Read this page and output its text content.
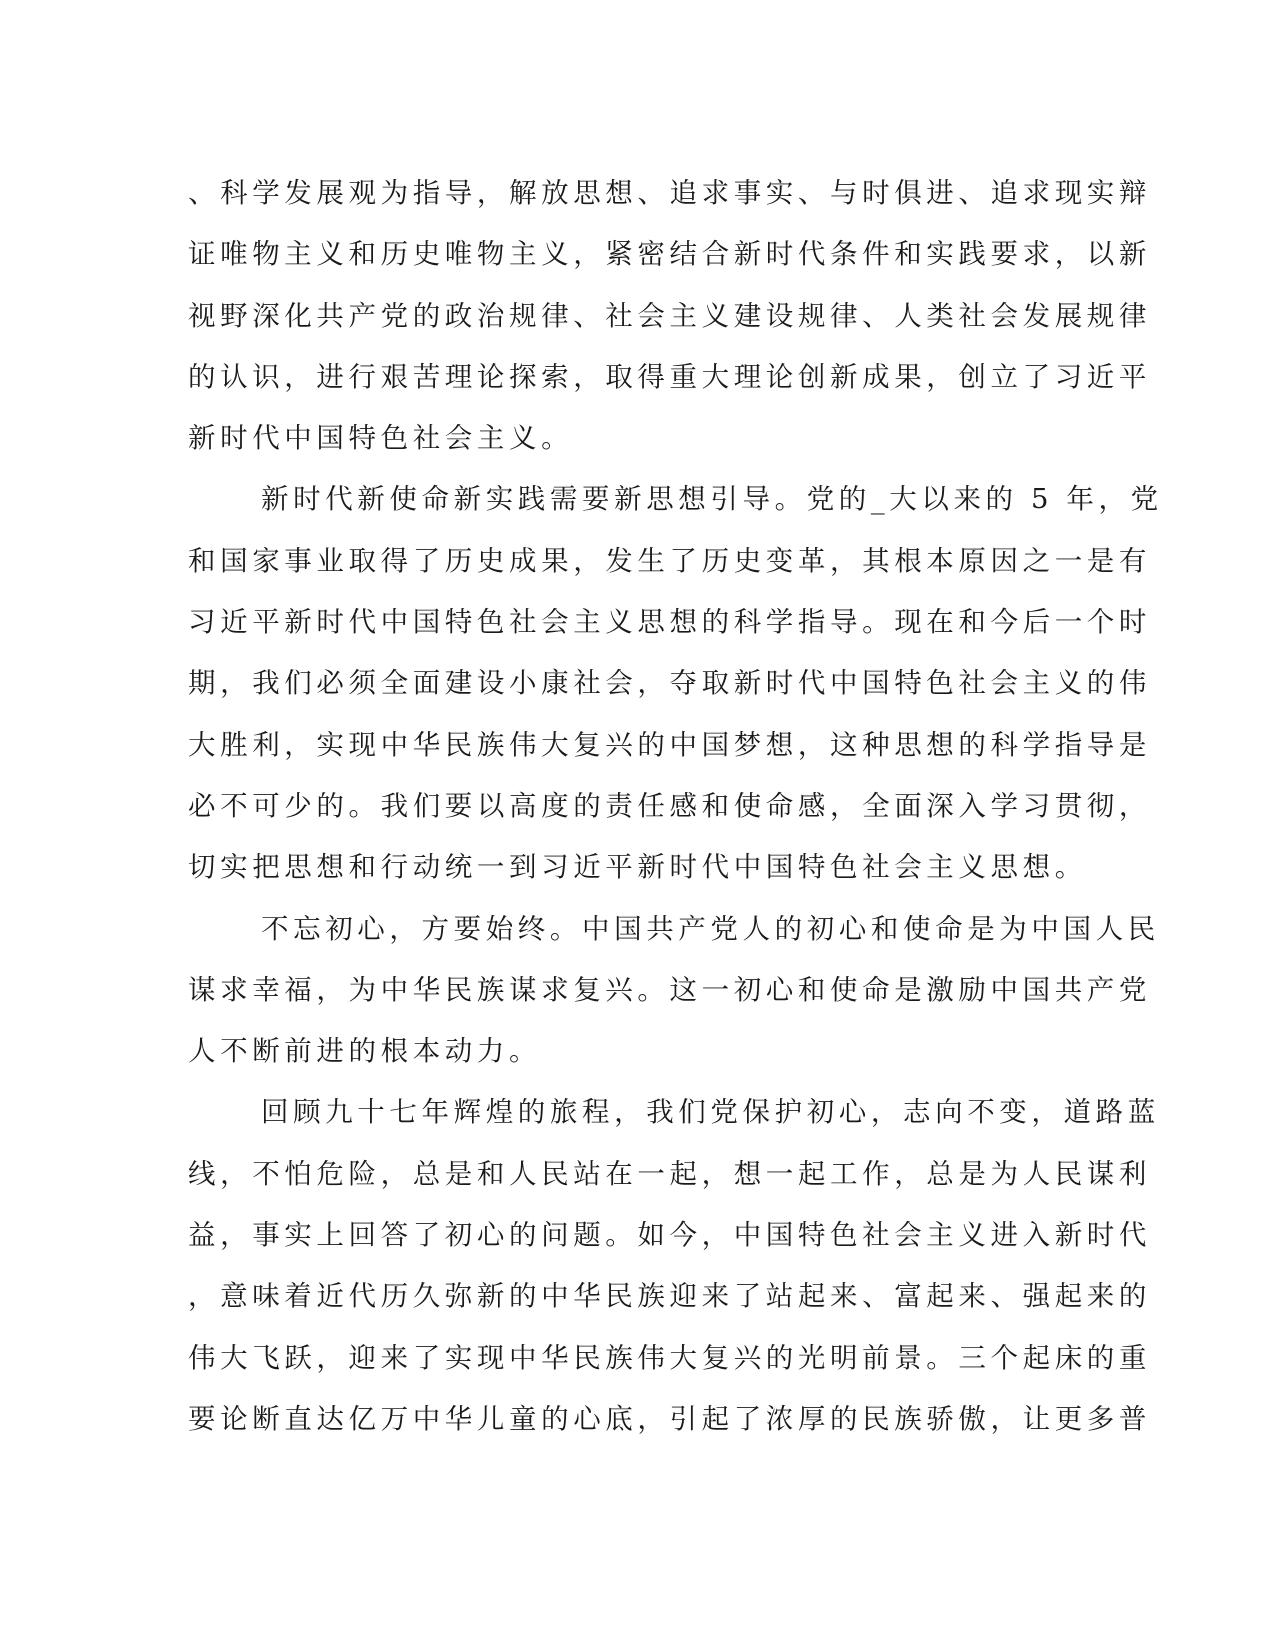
、科学发展观为指导，解放思想、追求事实、与时俱进、追求现实辩
证唯物主义和历史唯物主义，紧密结合新时代条件和实践要求，以新
视野深化共产党的政治规律、社会主义建设规律、人类社会发展规律
的认识，进行艰苦理论探索，取得重大理论创新成果，创立了习近平
新时代中国特色社会主义。
新时代新使命新实践需要新思想引导。党的_大以来的 5 年，党
和国家事业取得了历史成果，发生了历史变革，其根本原因之一是有
习近平新时代中国特色社会主义思想的科学指导。现在和今后一个时
期，我们必须全面建设小康社会，夺取新时代中国特色社会主义的伟
大胜利，实现中华民族伟大复兴的中国梦想，这种思想的科学指导是
必不可少的。我们要以高度的责任感和使命感，全面深入学习贯彻，
切实把思想和行动统一到习近平新时代中国特色社会主义思想。
不忘初心，方要始终。中国共产党人的初心和使命是为中国人民
谋求幸福，为中华民族谋求复兴。这一初心和使命是激励中国共产党
人不断前进的根本动力。
回顾九十七年辉煌的旅程，我们党保护初心，志向不变，道路蓝
线，不怕危险，总是和人民站在一起，想一起工作，总是为人民谋利
益，事实上回答了初心的问题。如今，中国特色社会主义进入新时代
，意味着近代历久弥新的中华民族迎来了站起来、富起来、强起来的
伟大飞跃，迎来了实现中华民族伟大复兴的光明前景。三个起床的重
要论断直达亿万中华儿童的心底，引起了浓厚的民族骄傲，让更多普
